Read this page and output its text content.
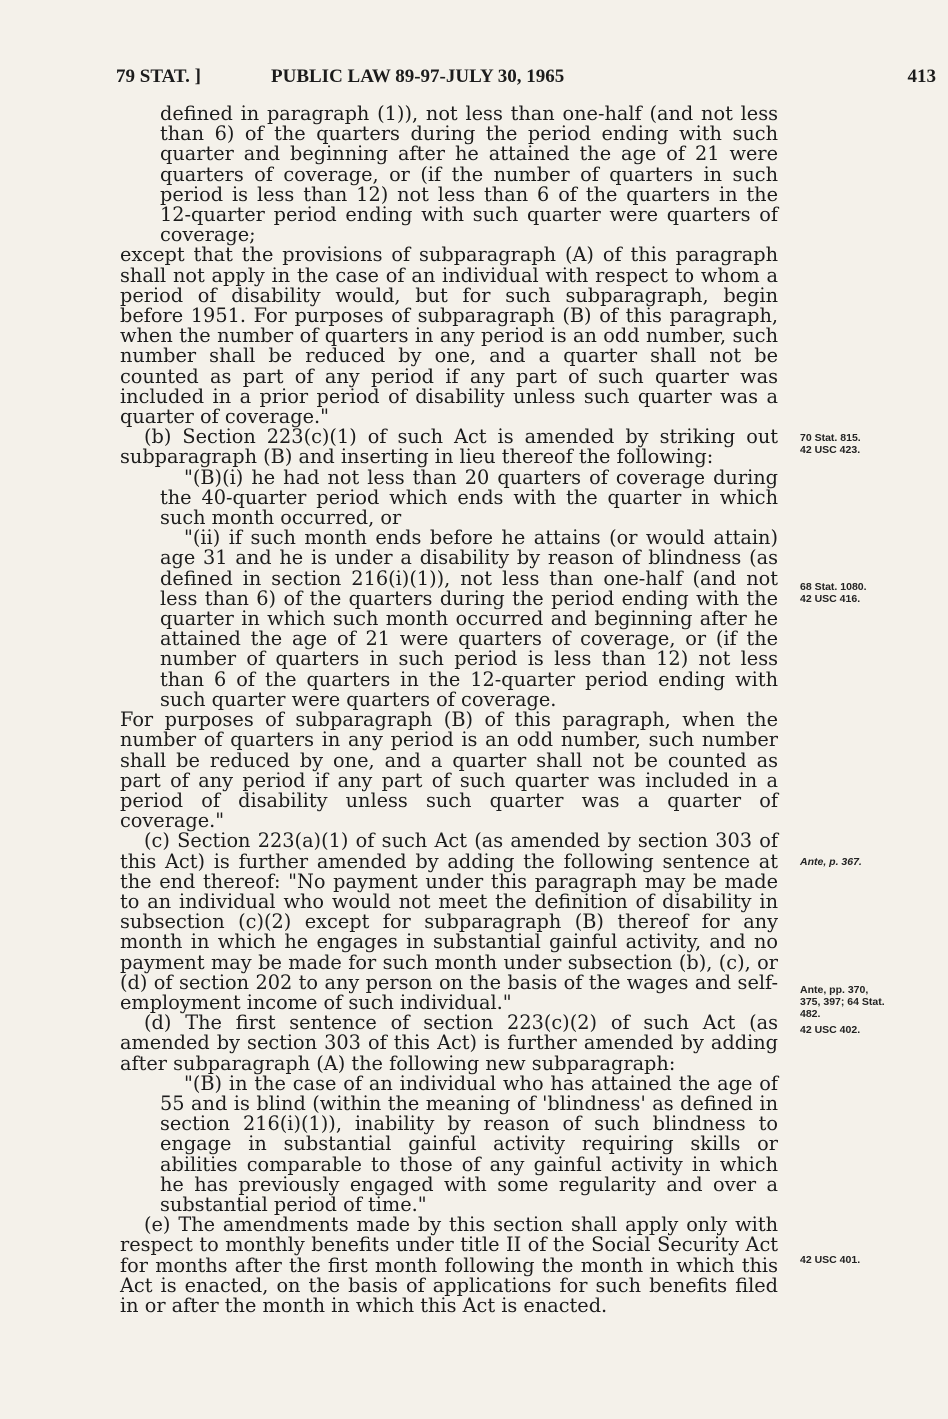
79 STAT. ]	PUBLIC LAW 89-97-JULY 30, 1965	413

defined in paragraph (1)), not less than one-half (and not less than 6) of the quarters during the period ending with such quarter and beginning after he attained the age of 21 were quarters of coverage, or (if the number of quarters in such period is less than 12) not less than 6 of the quarters in the 12-quarter period ending with such quarter were quarters of coverage;

except that the provisions of subparagraph (A) of this paragraph shall not apply in the case of an individual with respect to whom a period of disability would, but for such subparagraph, begin before 1951. For purposes of subparagraph (B) of this paragraph, when the number of quarters in any period is an odd number, such number shall be reduced by one, and a quarter shall not be counted as part of any period if any part of such quarter was included in a prior period of disability unless such quarter was a quarter of coverage."

(b) Section 223(c)(1) of such Act is amended by striking out subparagraph (B) and inserting in lieu thereof the following:

"(B)(i) he had not less than 20 quarters of coverage during the 40-quarter period which ends with the quarter in which such month occurred, or

"(ii) if such month ends before he attains (or would attain) age 31 and he is under a disability by reason of blindness (as defined in section 216(i)(1)), not less than one-half (and not less than 6) of the quarters during the period ending with the quarter in which such month occurred and beginning after he attained the age of 21 were quarters of coverage, or (if the number of quarters in such period is less than 12) not less than 6 of the quarters in the 12-quarter period ending with such quarter were quarters of coverage.

For purposes of subparagraph (B) of this paragraph, when the number of quarters in any period is an odd number, such number shall be reduced by one, and a quarter shall not be counted as part of any period if any part of such quarter was included in a period of disability unless such quarter was a quarter of coverage."

(c) Section 223(a)(1) of such Act (as amended by section 303 of this Act) is further amended by adding the following sentence at the end thereof: "No payment under this paragraph may be made to an individual who would not meet the definition of disability in subsection (c)(2) except for subparagraph (B) thereof for any month in which he engages in substantial gainful activity, and no payment may be made for such month under subsection (b), (c), or (d) of section 202 to any person on the basis of the wages and self-employment income of such individual."

(d) The first sentence of section 223(c)(2) of such Act (as amended by section 303 of this Act) is further amended by adding after subparagraph (A) the following new subparagraph:

"(B) in the case of an individual who has attained the age of 55 and is blind (within the meaning of 'blindness' as defined in section 216(i)(1)), inability by reason of such blindness to engage in substantial gainful activity requiring skills or abilities comparable to those of any gainful activity in which he has previously engaged with some regularity and over a substantial period of time."

(e) The amendments made by this section shall apply only with respect to monthly benefits under title II of the Social Security Act for months after the first month following the month in which this Act is enacted, on the basis of applications for such benefits filed in or after the month in which this Act is enacted.

70 Stat. 815.
42 USC 423.
68 Stat. 1080.
42 USC 416.
Ante, p. 367.
Ante, pp. 370,
375, 397; 64 Stat.
482.
42 USC 402.
42 USC 401.
